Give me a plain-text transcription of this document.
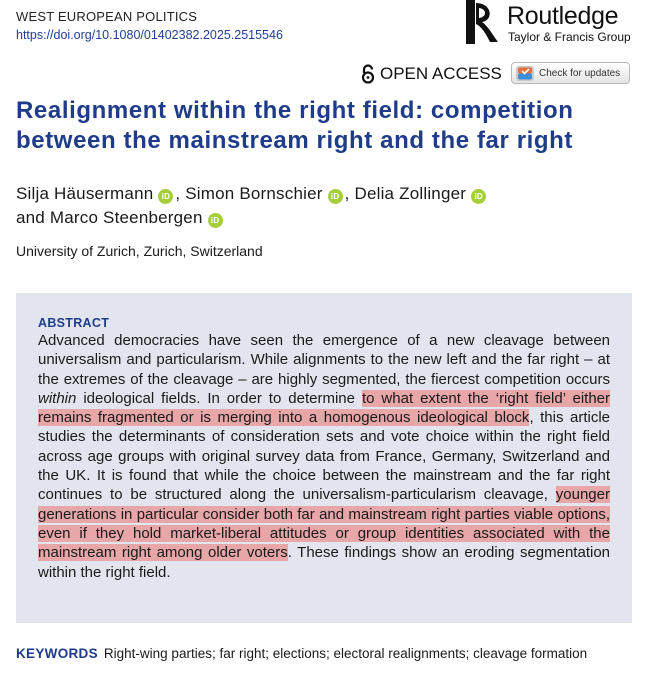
WEST EUROPEAN POLITICS
https://doi.org/10.1080/01402382.2025.2515546
Routledge
Taylor & Francis Group
OPEN ACCESS	Check for updates
Realignment within the right field: competition between the mainstream right and the far right
Silja Häusermann iD , Simon Bornschier iD , Delia Zollinger iD
and Marco Steenbergen iD
University of Zurich, Zurich, Switzerland
ABSTRACT
Advanced democracies have seen the emergence of a new cleavage between universalism and particularism. While alignments to the new left and the far right – at the extremes of the cleavage – are highly segmented, the fiercest competition occurs within ideological fields. In order to determine to what extent the ‘right field’ either remains fragmented or is merging into a homogenous ideological block, this article studies the determinants of consideration sets and vote choice within the right field across age groups with original survey data from France, Germany, Switzerland and the UK. It is found that while the choice between the mainstream and the far right continues to be structured along the universalism-particularism cleavage, younger generations in particular consider both far and mainstream right parties viable options, even if they hold market-liberal attitudes or group identities associated with the mainstream right among older voters. These findings show an eroding segmentation within the right field.
KEYWORDS Right-wing parties; far right; elections; electoral realignments; cleavage formation
